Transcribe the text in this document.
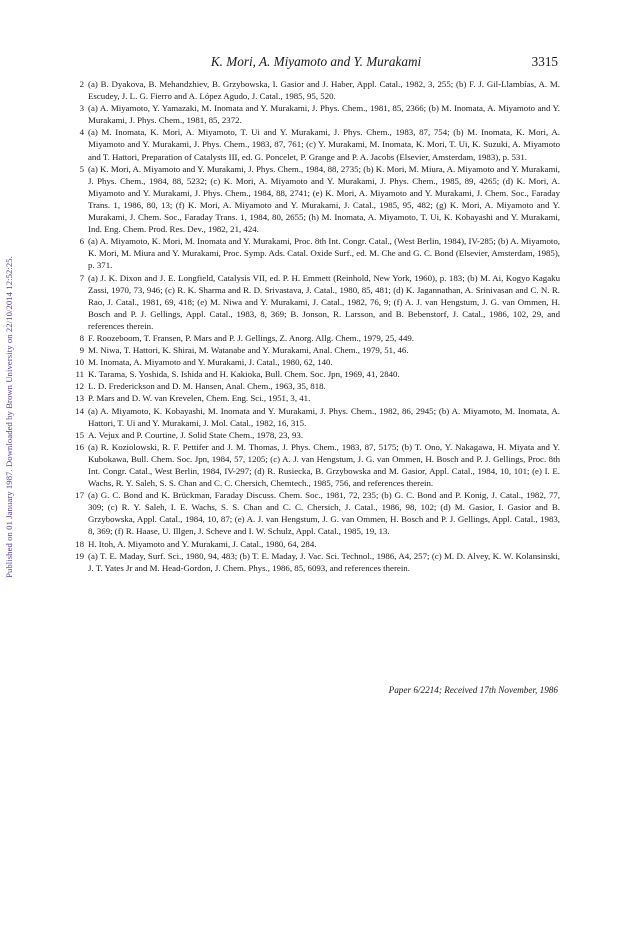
Published on 01 January 1987. Downloaded by Brown University on 22/10/2014 12:52:25.
K. Mori, A. Miyamoto and Y. Murakami	3315
2 (a) B. Dyakova, B. Mehandzhiev, B. Grzybowska, I. Gasior and J. Haber, Appl. Catal., 1982, 3, 255; (b) F. J. Gil-Llambías, A. M. Escudey, J. L. G. Fierro and A. López Agudo, J. Catal., 1985, 95, 520.
3 (a) A. Miyamoto, Y. Yamazaki, M. Inomata and Y. Murakami, J. Phys. Chem., 1981, 85, 2366; (b) M. Inomata, A. Miyamoto and Y. Murakami, J. Phys. Chem., 1981, 85, 2372.
4 (a) M. Inomata, K. Mori, A. Miyamoto, T. Ui and Y. Murakami, J. Phys. Chem., 1983, 87, 754; (b) M. Inomata, K. Mori, A. Miyamoto and Y. Murakami, J. Phys. Chem., 1983, 87, 761; (c) Y. Murakami, M. Inomata, K. Mori, T. Ui, K. Suzuki, A. Miyamoto and T. Hattori, Preparation of Catalysts III, ed. G. Poncelet, P. Grange and P. A. Jacobs (Elsevier, Amsterdam, 1983), p. 531.
5 (a) K. Mori, A. Miyamoto and Y. Murakami, J. Phys. Chem., 1984, 88, 2735; (b) K. Mori, M. Miura, A. Miyamoto and Y. Murakami, J. Phys. Chem., 1984, 88, 5232; (c) K. Mori, A. Miyamoto and Y. Murakami, J. Phys. Chem., 1985, 89, 4265; (d) K. Mori, A. Miyamoto and Y. Murakami, J. Phys. Chem., 1984, 88, 2741; (e) K. Mori, A. Miyamoto and Y. Murakami, J. Chem. Soc., Faraday Trans. 1, 1986, 80, 13; (f) K. Mori, A. Miyamoto and Y. Murakami, J. Catal., 1985, 95, 482; (g) K. Mori, A. Miyamoto and Y. Murakami, J. Chem. Soc., Faraday Trans. 1, 1984, 80, 2655; (h) M. Inomata, A. Miyamoto, T. Ui, K. Kobayashi and Y. Murakami, Ind. Eng. Chem. Prod. Res. Dev., 1982, 21, 424.
6 (a) A. Miyamoto, K. Mori, M. Inomata and Y. Murakami, Proc. 8th Int. Congr. Catal., (West Berlin, 1984), IV-285; (b) A. Miyamoto, K. Mori, M. Miura and Y. Murakami, Proc. Symp. Ads. Catal. Oxide Surf., ed. M. Che and G. C. Bond (Elsevier, Amsterdam, 1985), p. 371.
7 (a) J. K. Dixon and J. E. Longfield, Catalysis VII, ed. P. H. Emmett (Reinhold, New York, 1960), p. 183; (b) M. Ai, Kogyo Kagaku Zassi, 1970, 73, 946; (c) R. K. Sharma and R. D. Srivastava, J. Catal., 1980, 85, 481; (d) K. Jagannathan, A. Srinivasan and C. N. R. Rao, J. Catal., 1981, 69, 418; (e) M. Niwa and Y. Murakami, J. Catal., 1982, 76, 9; (f) A. J. van Hengstum, J. G. van Ommen, H. Bosch and P. J. Gellings, Appl. Catal., 1983, 8, 369; B. Jonson, R. Larsson, and B. Bebenstorf, J. Catal., 1986, 102, 29, and references therein.
8 F. Roozeboom, T. Fransen, P. Mars and P. J. Gellings, Z. Anorg. Allg. Chem., 1979, 25, 449.
9 M. Niwa, T. Hattori, K. Shirai, M. Watanabe and Y. Murakami, Anal. Chem., 1979, 51, 46.
10 M. Inomata, A. Miyamoto and Y. Murakami, J. Catal., 1980, 62, 140.
11 K. Tarama, S. Yoshida, S. Ishida and H. Kakioka, Bull. Chem. Soc. Jpn, 1969, 41, 2840.
12 L. D. Frederickson and D. M. Hansen, Anal. Chem., 1963, 35, 818.
13 P. Mars and D. W. van Krevelen, Chem. Eng. Sci., 1951, 3, 41.
14 (a) A. Miyamoto, K. Kobayashi, M. Inomata and Y. Murakami, J. Phys. Chem., 1982, 86, 2945; (b) A. Miyamoto, M. Inomata, A. Hattori, T. Ui and Y. Murakami, J. Mol. Catal., 1982, 16, 315.
15 A. Vejux and P. Courtine, J. Solid State Chem., 1978, 23, 93.
16 (a) R. Koziolowski, R. F. Pettifer and J. M. Thomas, J. Phys. Chem., 1983, 87, 5175; (b) T. Ono, Y. Nakagawa, H. Miyata and Y. Kubokawa, Bull. Chem. Soc. Jpn, 1984, 57, 1205; (c) A. J. van Hengstum, J. G. van Ommen, H. Bosch and P. J. Gellings, Proc. 8th Int. Congr. Catal., West Berlin, 1984, IV-297; (d) R. Rusiecka, B. Grzybowska and M. Gasior, Appl. Catal., 1984, 10, 101; (e) I. E. Wachs, R. Y. Saleh, S. S. Chan and C. C. Chersich, Chemtech., 1985, 756, and references therein.
17 (a) G. C. Bond and K. Brückman, Faraday Discuss. Chem. Soc., 1981, 72, 235; (b) G. C. Bond and P. Konig, J. Catal., 1982, 77, 309; (c) R. Y. Saleh, I. E. Wachs, S. S. Chan and C. C. Chersich, J. Catal., 1986, 98, 102; (d) M. Gasior, I. Gasior and B. Grzybowska, Appl. Catal., 1984, 10, 87; (e) A. J. van Hengstum, J. G. van Ommen, H. Bosch and P. J. Gellings, Appl. Catal., 1983, 8, 369; (f) R. Haase, U. Illgen, J. Scheve and I. W. Schulz, Appl. Catal., 1985, 19, 13.
18 H. Itoh, A. Miyamoto and Y. Murakami, J. Catal., 1980, 64, 284.
19 (a) T. E. Maday, Surf. Sci., 1980, 94, 483; (b) T. E. Maday, J. Vac. Sci. Technol., 1986, A4, 257; (c) M. D. Alvey, K. W. Kolansinski, J. T. Yates Jr and M. Head-Gordon, J. Chem. Phys., 1986, 85, 6093, and references therein.
Paper 6/2214; Received 17th November, 1986
